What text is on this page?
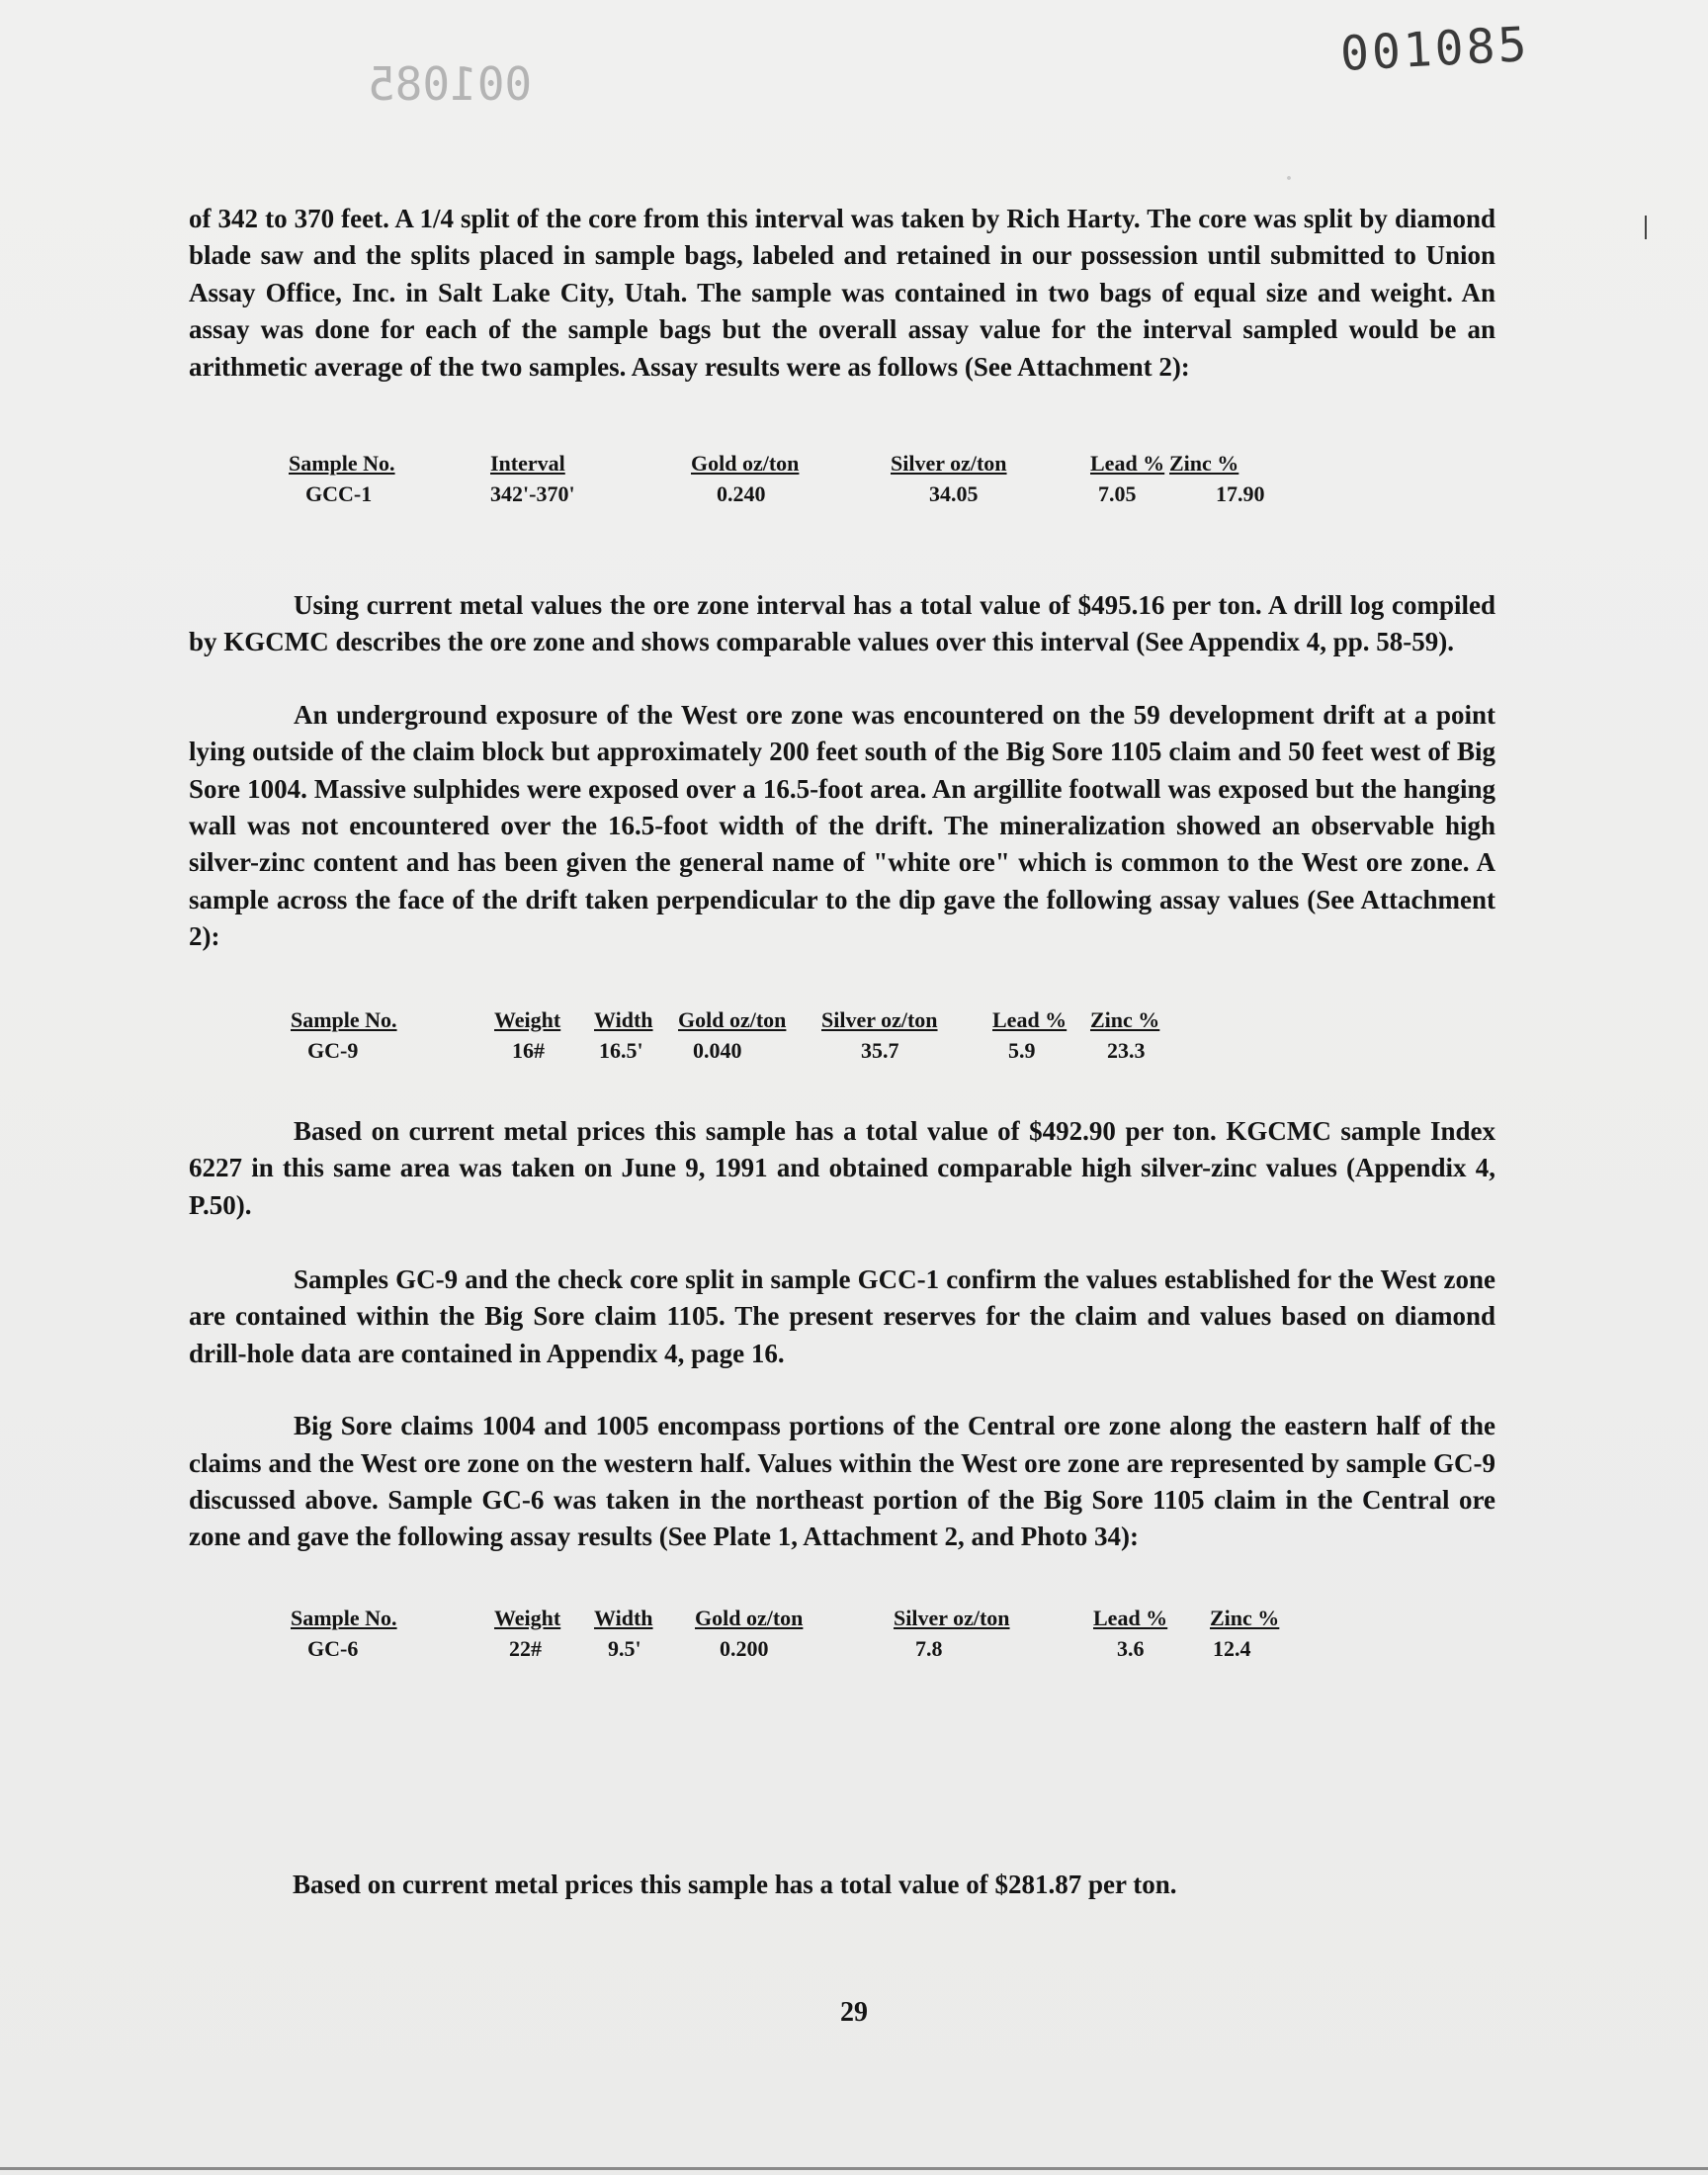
·
001085
001085

of 342 to 370 feet. A 1/4 split of the core from this interval was taken by Rich Harty. The core was split by diamond blade saw and the splits placed in sample bags, labeled and retained in our possession until submitted to Union Assay Office, Inc. in Salt Lake City, Utah. The sample was contained in two bags of equal size and weight. An assay was done for each of the sample bags but the overall assay value for the interval sampled would be an arithmetic average of the two samples. Assay results were as follows (See Attachment 2):

Sample No.	Interval	Gold oz/ton	Silver oz/ton	Lead % Zinc %
GCC-1	342'-370'	0.240	34.05	7.05	17.90

Using current metal values the ore zone interval has a total value of $495.16 per ton. A drill log compiled by KGCMC describes the ore zone and shows comparable values over this interval (See Appendix 4, pp. 58-59).

An underground exposure of the West ore zone was encountered on the 59 development drift at a point lying outside of the claim block but approximately 200 feet south of the Big Sore 1105 claim and 50 feet west of Big Sore 1004. Massive sulphides were exposed over a 16.5-foot area. An argillite footwall was exposed but the hanging wall was not encountered over the 16.5-foot width of the drift. The mineralization showed an observable high silver-zinc content and has been given the general name of "white ore" which is common to the West ore zone. A sample across the face of the drift taken perpendicular to the dip gave the following assay values (See Attachment 2):

Sample No.	Weight Width Gold oz/ton Silver oz/ton	Lead % Zinc %
GC-9	16#	16.5' 0.040	35.7	5.9	23.3

Based on current metal prices this sample has a total value of $492.90 per ton. KGCMC sample Index 6227 in this same area was taken on June 9, 1991 and obtained comparable high silver-zinc values (Appendix 4, P.50).

Samples GC-9 and the check core split in sample GCC-1 confirm the values established for the West zone are contained within the Big Sore claim 1105. The present reserves for the claim and values based on diamond drill-hole data are contained in Appendix 4, page 16.

Big Sore claims 1004 and 1005 encompass portions of the Central ore zone along the eastern half of the claims and the West ore zone on the western half. Values within the West ore zone are represented by sample GC-9 discussed above. Sample GC-6 was taken in the northeast portion of the Big Sore 1105 claim in the Central ore zone and gave the following assay results (See Plate 1, Attachment 2, and Photo 34):

Sample No.	Weight Width Gold oz/ton	Silver oz/ton	Lead % Zinc %
GC-6	22#	9.5'	0.200	7.8	3.6	12.4

Based on current metal prices this sample has a total value of $281.87 per ton.

29
